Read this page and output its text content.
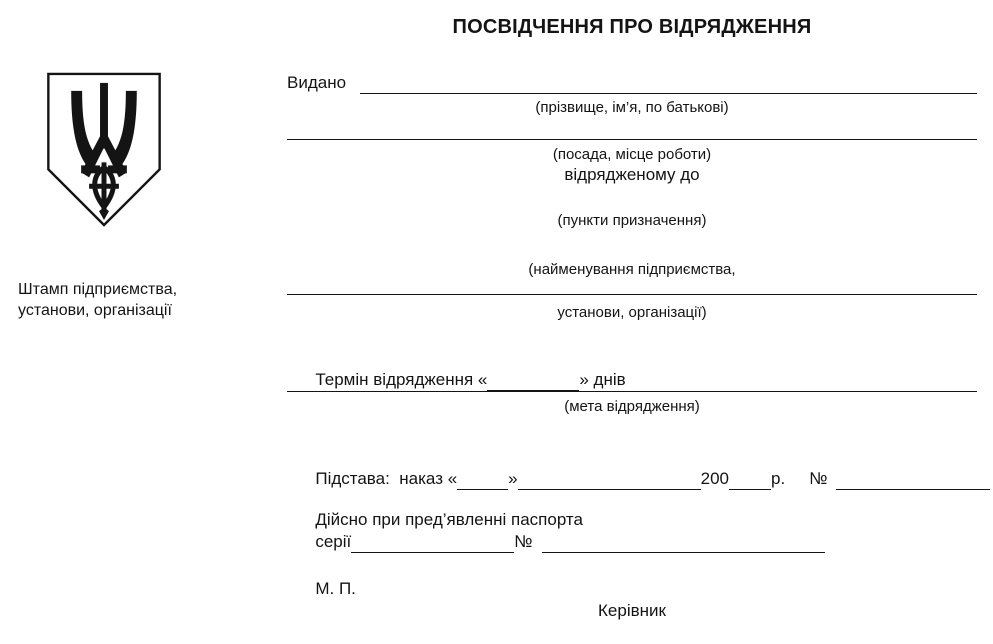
Штамп підприємства,
установи, організації
ПОСВІДЧЕННЯ ПРО ВІДРЯДЖЕННЯ
Видано
(прізвище, ім’я, по батькові)
(посада, місце роботи)
відрядженому до
(пункти призначення)
(найменування підприємства,
установи, організації)

Термін відрядження «	» днів

(мета відрядження)

Підстава:  наказ «	»	200 р. №

Дійсно при пред’явленні паспорта

серії	№

М. П.

Керівник
